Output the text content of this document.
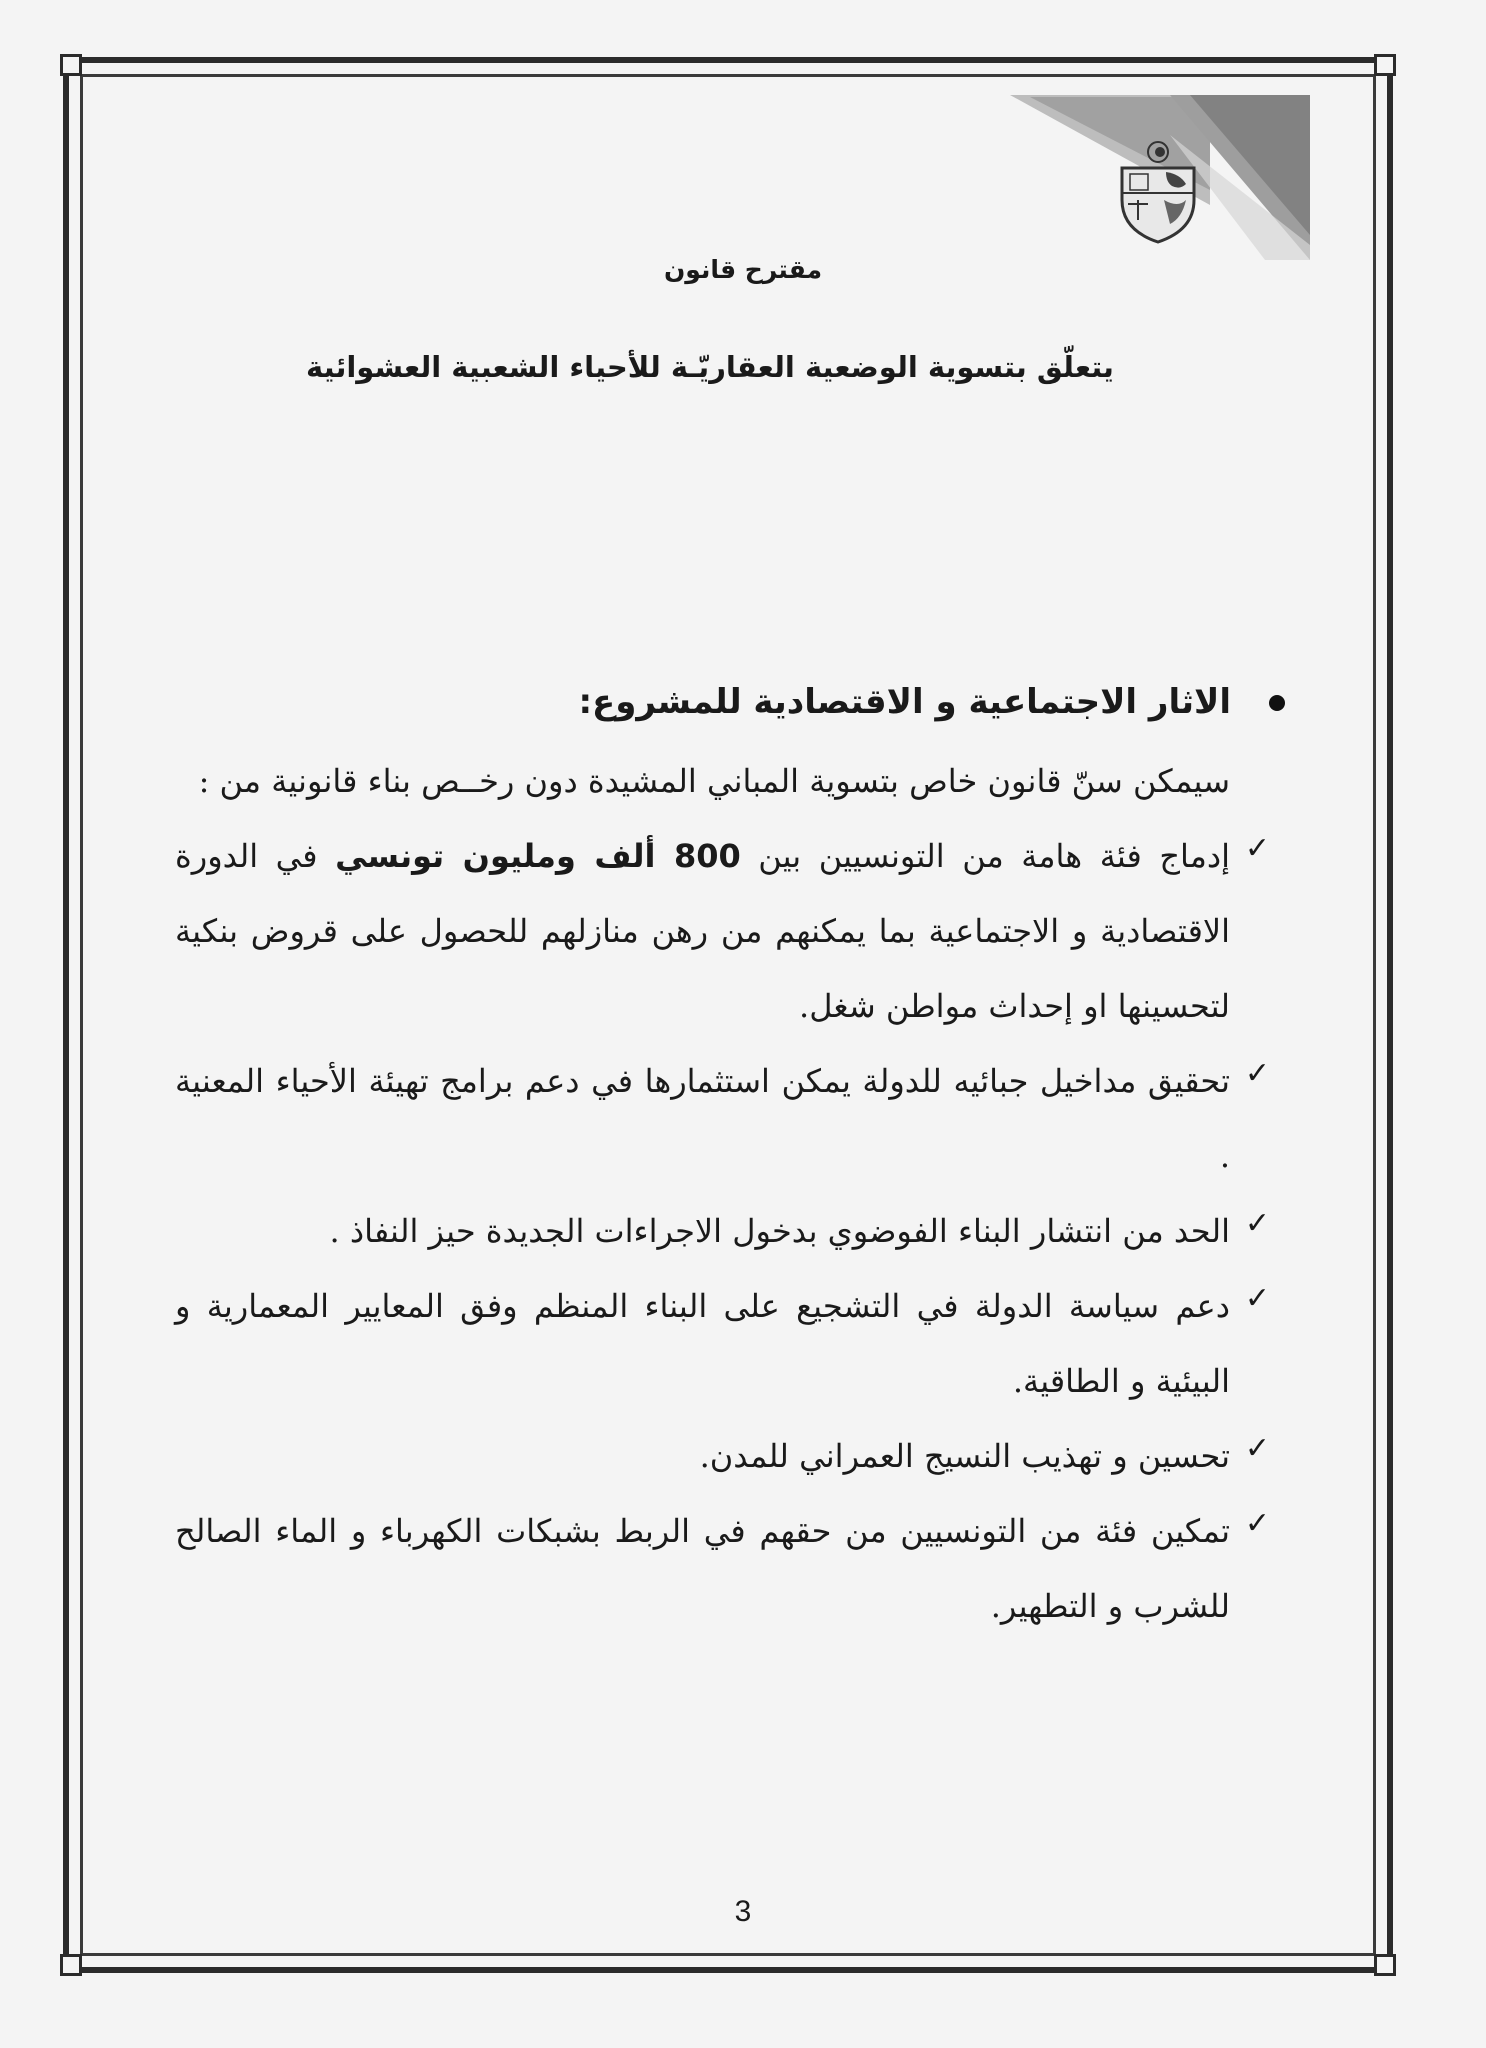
مقترح قانون
يتعلّق بتسوية الوضعية العقاريّـة للأحياء الشعبية العشوائية
الاثار الاجتماعية و الاقتصادية للمشروع:

سيمكن سنّ قانون خاص بتسوية المباني المشيدة دون رخــص بناء قانونية من :

✓
إدماج فئة هامة من التونسيين بين 800 ألف ومليون تونسي في الدورة الاقتصادية و الاجتماعية بما يمكنهم من رهن منازلهم للحصول على قروض بنكية لتحسينها او إحداث مواطن شغل.
✓
تحقيق مداخيل جبائيه للدولة يمكن استثمارها في دعم برامج تهيئة الأحياء المعنية .
✓
الحد من انتشار البناء الفوضوي بدخول الاجراءات الجديدة حيز النفاذ .
✓
دعم سياسة الدولة في التشجيع على البناء المنظم وفق المعايير المعمارية و البيئية و الطاقية.
✓
تحسين و تهذيب النسيج العمراني للمدن.
✓
تمكين فئة من التونسيين من حقهم في الربط بشبكات الكهرباء و الماء الصالح للشرب و التطهير.
3
